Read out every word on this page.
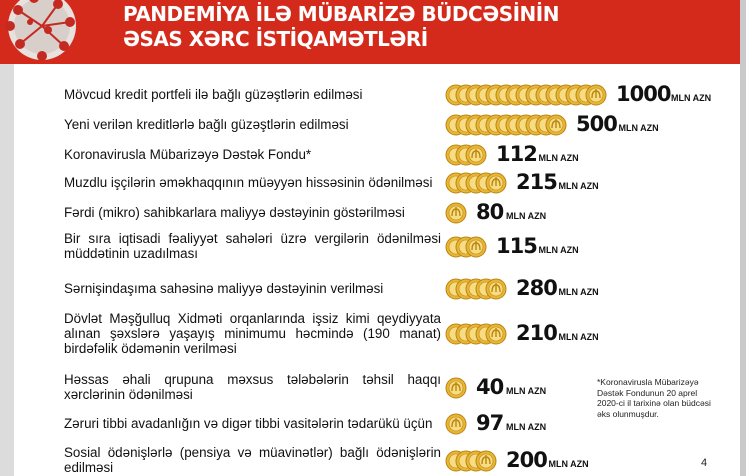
PANDEMİYA İLƏ MÜBARİZƏ BÜDCƏSİNİN
ƏSAS XƏRC İSTİQAMƏTLƏRİ
Mövcud kredit portfeli ilə bağlı güzəştlərin edilməsi	1000 MLN AZN
Yeni verilən kreditlərlə bağlı güzəştlərin edilməsi	500 MLN AZN
Koronavirusla Mübarizəyə Dəstək Fondu*	112 MLN AZN
Muzdlu işçilərin əməkhaqqının müəyyən hissəsinin ödənilməsi	215 MLN AZN
Fərdi (mikro) sahibkarlara maliyyə dəstəyinin göstərilməsi	80 MLN AZN
Bir sıra iqtisadi fəaliyyət sahələri üzrə vergilərin ödənilməsi
müddətinin uzadılması	115 MLN AZN
Sərnişindaşıma sahəsinə maliyyə dəstəyinin verilməsi	280 MLN AZN
Dövlət Məşğulluq Xidməti orqanlarında işsiz kimi qeydiyyata
alınan şəxslərə yaşayış minimumu həcmində (190 manat)
birdəfəlik ödəmənin verilməsi
210 MLN AZN
Həssas əhali qrupuna məxsus tələbələrin təhsil haqqı
xərclərinin ödənilməsi	40 MLN AZN
Zəruri tibbi avadanlığın və digər tibbi vasitələrin tədarükü üçün	97 MLN AZN
Sosial ödənişlərlə (pensiya və müavinətlər) bağlı ödənişlərin
edilməsi	200 MLN AZN
*Koronavirusla Mübarizəyə Dəstək Fondunun 20 aprel 2020-ci il tarixinə olan büdcəsi əks olunmuşdur.
4
